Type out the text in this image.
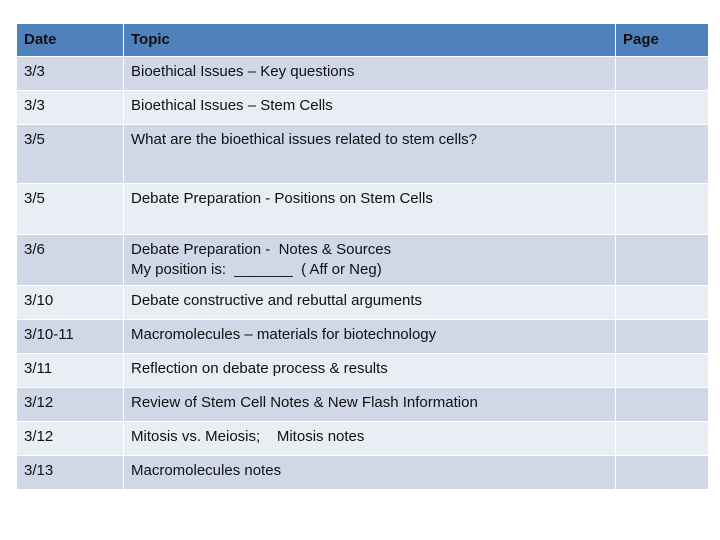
Date	Topic	Page
3/3	Bioethical Issues – Key questions	

3/3	Bioethical Issues – Stem Cells	

3/5	What are the bioethical issues related to stem cells?	

3/5	Debate Preparation - Positions on Stem Cells	

3/6	Debate Preparation -  Notes & Sources
My position is:  _______  ( Aff or Neg)	

3/10	Debate constructive and rebuttal arguments	

3/10-11	Macromolecules – materials for biotechnology	

3/11	Reflection on debate process & results	

3/12	Review of Stem Cell Notes & New Flash Information	

3/12	Mitosis vs. Meiosis;    Mitosis notes	

3/13	Macromolecules notes	
